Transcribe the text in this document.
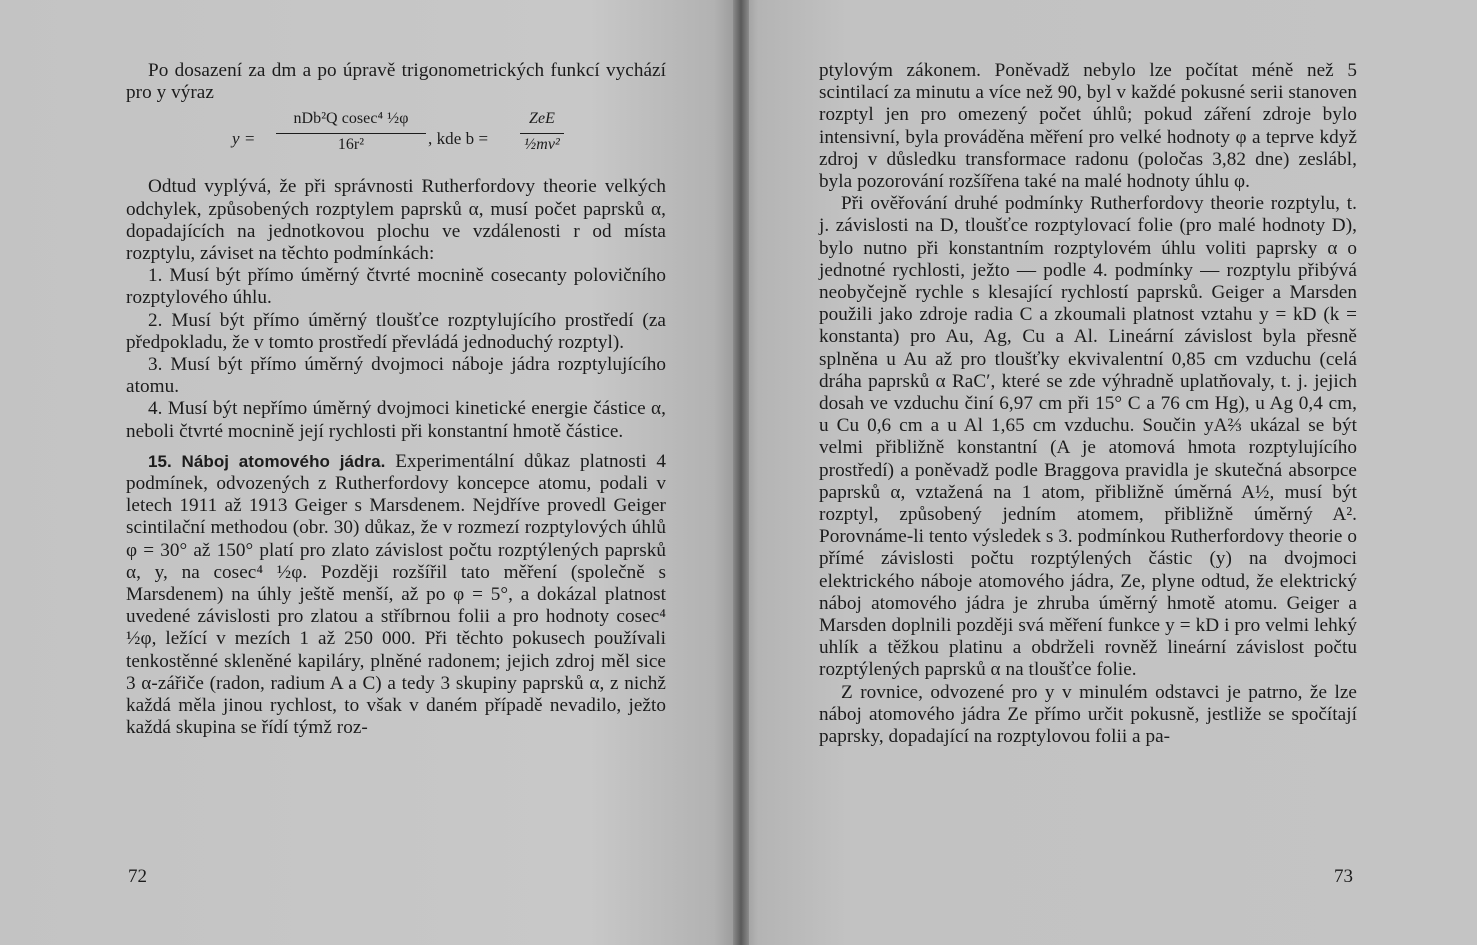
Po dosazení za dm a po úpravě trigonometrických funkcí vychází pro y výraz

y =
nDb²Q cosec⁴ ½φ
16r²	, kde b =
ZeE
½mv²

Odtud vyplývá, že při správnosti Rutherfordovy theorie velkých odchylek, způsobených rozptylem paprsků α, musí počet paprsků α, dopadajících na jednotkovou plochu ve vzdálenosti r od místa rozptylu, záviset na těchto podmínkách:

1. Musí být přímo úměrný čtvrté mocnině cosecanty polovičního rozptylového úhlu.

2. Musí být přímo úměrný tloušťce rozptylujícího prostředí (za předpokladu, že v tomto prostředí převládá jednoduchý rozptyl).

3. Musí být přímo úměrný dvojmoci náboje jádra rozptylujícího atomu.

4. Musí být nepřímo úměrný dvojmoci kinetické energie částice α, neboli čtvrté mocnině její rychlosti při konstantní hmotě částice.

15. Náboj atomového jádra. Experimentální důkaz platnosti 4 podmínek, odvozených z Rutherfordovy koncepce atomu, podali v letech 1911 až 1913 Geiger s Marsdenem. Nejdříve provedl Geiger scintilační methodou (obr. 30) důkaz, že v rozmezí rozptylových úhlů φ = 30° až 150° platí pro zlato závislost počtu rozptýlených paprsků α, y, na cosec⁴ ½φ. Později rozšířil tato měření (společně s Marsdenem) na úhly ještě menší, až po φ = 5°, a dokázal platnost uvedené závislosti pro zlatou a stříbrnou folii a pro hodnoty cosec⁴ ½φ, ležící v mezích 1 až 250 000. Při těchto pokusech používali tenkostěnné skleněné kapiláry, plněné radonem; jejich zdroj měl sice 3 α-zářiče (radon, radium A a C) a tedy 3 skupiny paprsků α, z nichž každá měla jinou rychlost, to však v daném případě nevadilo, ježto každá skupina se řídí týmž roz-

72

ptylovým zákonem. Poněvadž nebylo lze počítat méně než 5 scintilací za minutu a více než 90, byl v každé pokusné serii stanoven rozptyl jen pro omezený počet úhlů; pokud záření zdroje bylo intensivní, byla prováděna měření pro velké hodnoty φ a teprve když zdroj v důsledku transformace radonu (poločas 3,82 dne) zeslábl, byla pozorování rozšířena také na malé hodnoty úhlu φ.

Při ověřování druhé podmínky Rutherfordovy theorie rozptylu, t. j. závislosti na D, tloušťce rozptylovací folie (pro malé hodnoty D), bylo nutno při konstantním rozptylovém úhlu voliti paprsky α o jednotné rychlosti, ježto — podle 4. podmínky — rozptylu přibývá neobyčejně rychle s klesající rychlostí paprsků. Geiger a Marsden použili jako zdroje radia C a zkoumali platnost vztahu y = kD (k = konstanta) pro Au, Ag, Cu a Al. Lineární závislost byla přesně splněna u Au až pro tloušťky ekvivalentní 0,85 cm vzduchu (celá dráha paprsků α RaC′, které se zde výhradně uplatňovaly, t. j. jejich dosah ve vzduchu činí 6,97 cm při 15° C a 76 cm Hg), u Ag 0,4 cm, u Cu 0,6 cm a u Al 1,65 cm vzduchu. Součin yA⅔ ukázal se být velmi přibližně konstantní (A je atomová hmota rozptylujícího prostředí) a poněvadž podle Braggova pravidla je skutečná absorpce paprsků α, vztažená na 1 atom, přibližně úměrná A½, musí být rozptyl, způsobený jedním atomem, přibližně úměrný A². Porovnáme-li tento výsledek s 3. podmínkou Rutherfordovy theorie o přímé závislosti počtu rozptýlených částic (y) na dvojmoci elektrického náboje atomového jádra, Ze, plyne odtud, že elektrický náboj atomového jádra je zhruba úměrný hmotě atomu. Geiger a Marsden doplnili později svá měření funkce y = kD i pro velmi lehký uhlík a těžkou platinu a obdrželi rovněž lineární závislost počtu rozptýlených paprsků α na tloušťce folie.

Z rovnice, odvozené pro y v minulém odstavci je patrno, že lze náboj atomového jádra Ze přímo určit pokusně, jestliže se spočítají paprsky, dopadající na rozptylovou folii a pa-

73
